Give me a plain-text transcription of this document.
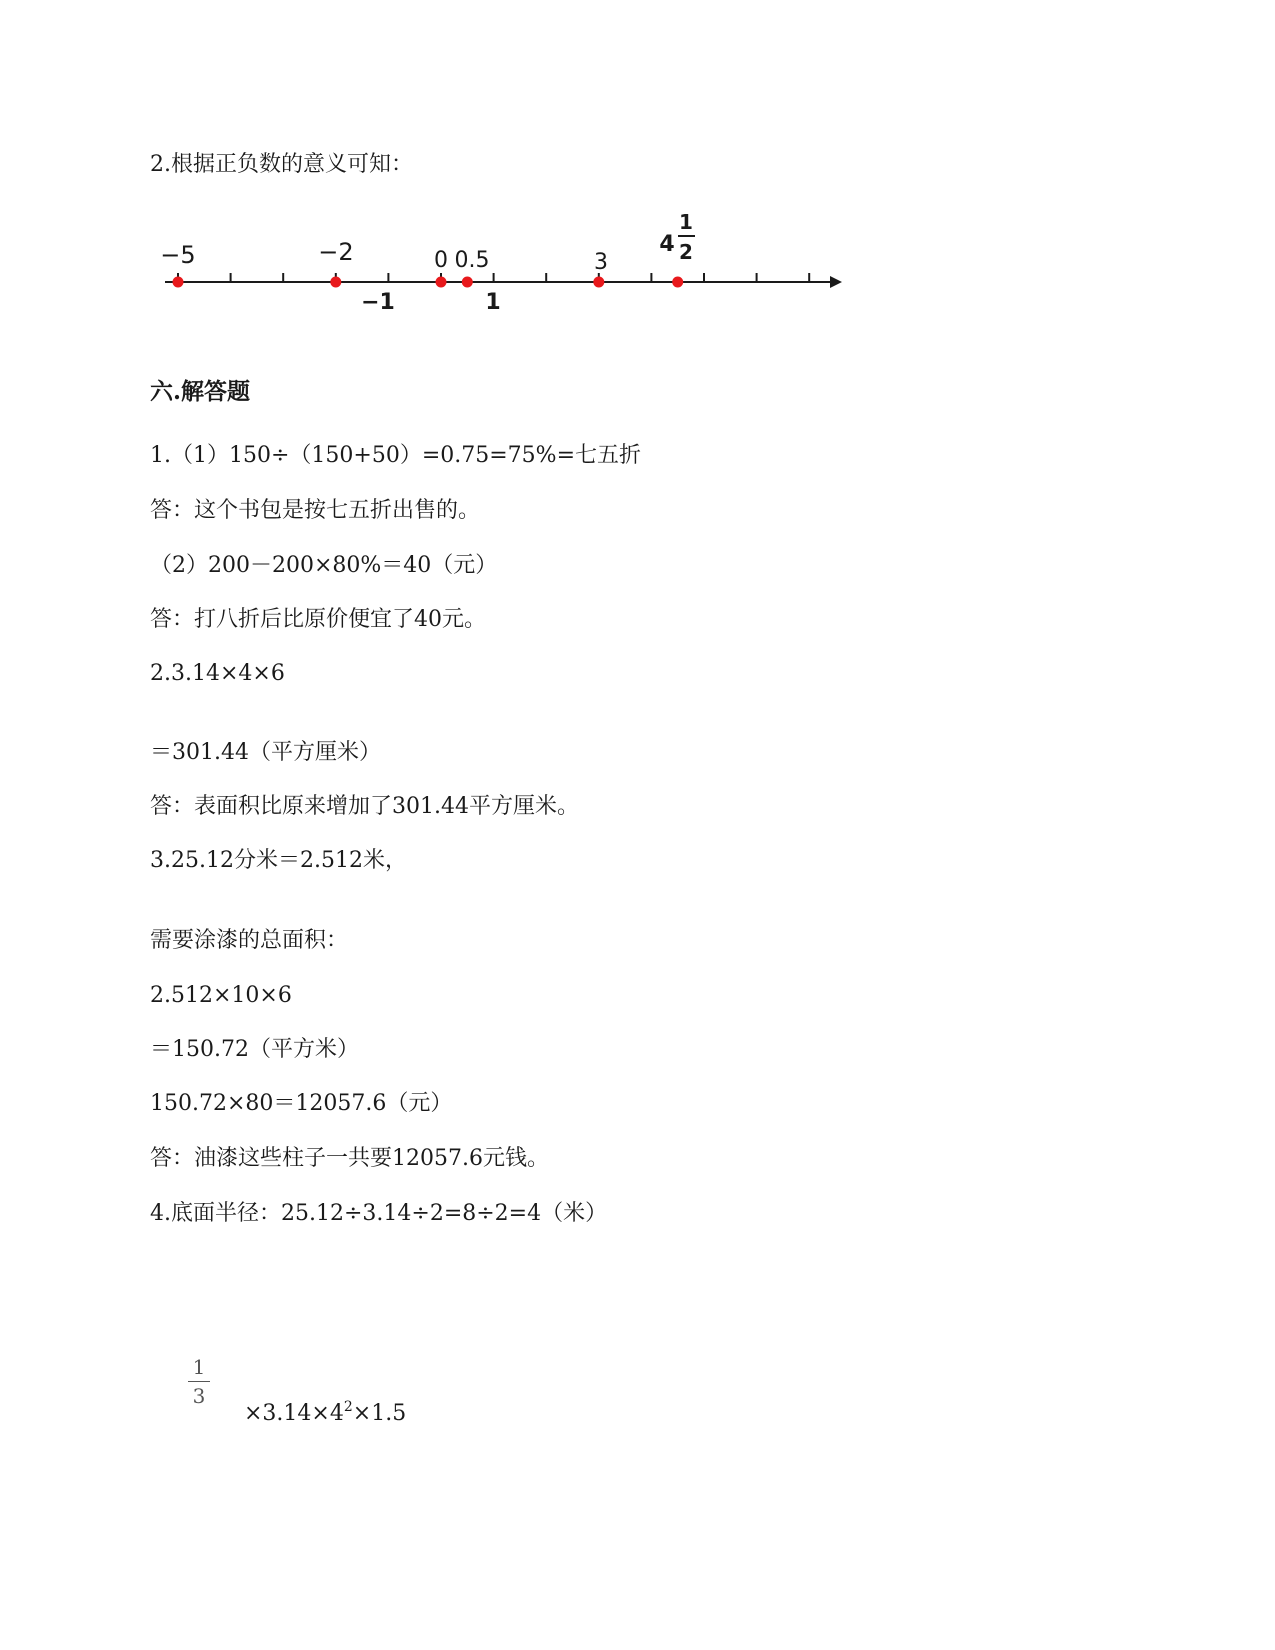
2.根据正负数的意义可知：
−5	−2	0 0.5	3
−1	1
4
1
2
六.解答题
1.（1）150÷（150+50）=0.75=75%=七五折
答：这个书包是按七五折出售的。
（2）200－200×80%＝40（元）
答：打八折后比原价便宜了40元。
2.3.14×4×6
＝301.44（平方厘米）
答：表面积比原来增加了301.44平方厘米。
3.25.12分米＝2.512米，
需要涂漆的总面积：
2.512×10×6
＝150.72（平方米）
150.72×80＝12057.6（元）
答：油漆这些柱子一共要12057.6元钱。
4.底面半径：25.12÷3.14÷2=8÷2=4（米）
1
3
$\times 3.14\times 4^2\times 1.5$
